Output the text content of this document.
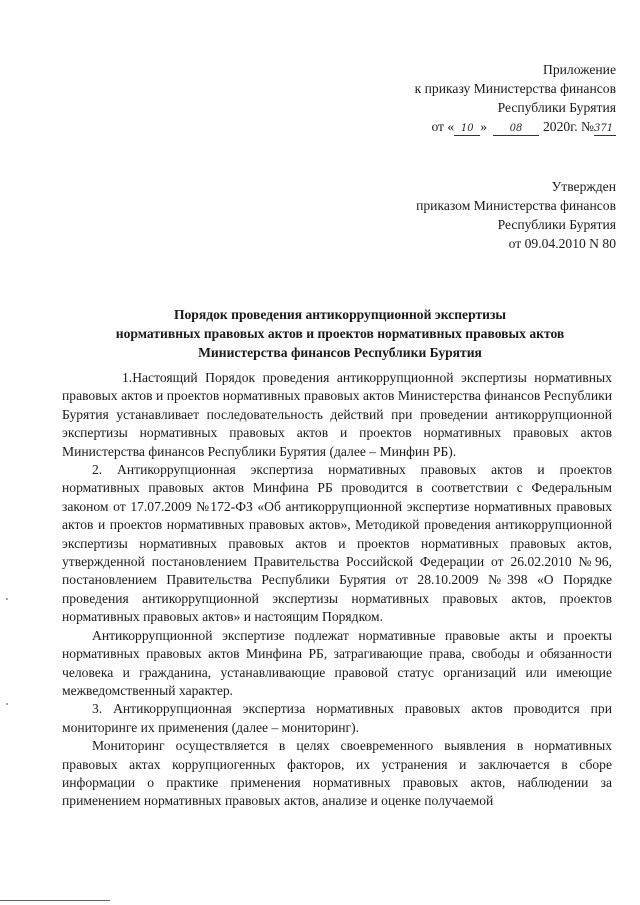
Приложение
к приказу Министерства финансов
Республики Бурятия
от « 10 » 08 2020г. №371
Утвержден
приказом Министерства финансов
Республики Бурятия
от 09.04.2010 N 80
Порядок проведения антикоррупционной экспертизы
нормативных правовых актов и проектов нормативных правовых актов
Министерства финансов Республики Бурятия

1.Настоящий Порядок проведения антикоррупционной экспертизы нормативных правовых актов и проектов нормативных правовых актов Министерства финансов Республики Бурятия устанавливает последовательность действий при проведении антикоррупционной экспертизы нормативных правовых актов и проектов нормативных правовых актов Министерства финансов Республики Бурятия (далее – Минфин РБ).

2. Антикоррупционная экспертиза нормативных правовых актов и проектов нормативных правовых актов Минфина РБ проводится в соответствии с Федеральным законом от 17.07.2009 №172-ФЗ «Об антикоррупционной экспертизе нормативных правовых актов и проектов нормативных правовых актов», Методикой проведения антикоррупционной экспертизы нормативных правовых актов и проектов нормативных правовых актов, утвержденной постановлением Правительства Российской Федерации от 26.02.2010 №96, постановлением Правительства Республики Бурятия от 28.10.2009 №398 «О Порядке проведения антикоррупционной экспертизы нормативных правовых актов, проектов нормативных правовых актов» и настоящим Порядком.

Антикоррупционной экспертизе подлежат нормативные правовые акты и проекты нормативных правовых актов Минфина РБ, затрагивающие права, свободы и обязанности человека и гражданина, устанавливающие правовой статус организаций или имеющие межведомственный характер.

3. Антикоррупционная экспертиза нормативных правовых актов проводится при мониторинге их применения (далее – мониторинг).

Мониторинг осуществляется в целях своевременного выявления в нормативных правовых актах коррупциогенных факторов, их устранения и заключается в сборе информации о практике применения нормативных правовых актов, наблюдении за применением нормативных правовых актов, анализе и оценке получаемой
